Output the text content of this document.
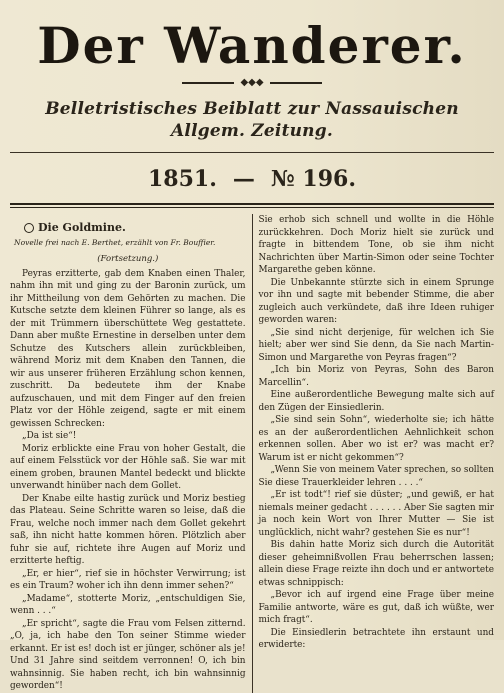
Der Wanderer.
◆◆◆
Belletristisches Beiblatt zur Nassauischen Allgem. Zeitung.
1851. — № 196.
Die Goldmine.
Novelle frei nach E. Berthet, erzählt von Fr. Bouffier.
(Fortsetzung.)

Peyras erzitterte, gab dem Knaben einen Thaler, nahm ihn mit und ging zu der Baronin zurück, um ihr Mittheilung von dem Gehörten zu machen. Die Kutsche setzte dem kleinen Führer so lange, als es der mit Trümmern überschüttete Weg gestattete. Dann aber mußte Ernestine in derselben unter dem Schutze des Kutschers allein zurückbleiben, während Moriz mit dem Knaben den Tannen, die wir aus unserer früheren Erzählung schon kennen, zuschritt. Da bedeutete ihm der Knabe aufzuschauen, und mit dem Finger auf den freien Platz vor der Höhle zeigend, sagte er mit einem gewissen Schrecken:

„Da ist sie“!

Moriz erblickte eine Frau von hoher Gestalt, die auf einem Felsstück vor der Höhle saß. Sie war mit einem groben, braunen Mantel bedeckt und blickte unverwandt hinüber nach dem Gollet.

Der Knabe eilte hastig zurück und Moriz bestieg das Plateau. Seine Schritte waren so leise, daß die Frau, welche noch immer nach dem Gollet gekehrt saß, ihn nicht hatte kommen hören. Plötzlich aber fuhr sie auf, richtete ihre Augen auf Moriz und erzitterte heftig.

„Er, er hier“, rief sie in höchster Verwirrung; ist es ein Traum? woher ich ihn denn immer sehen?“

„Madame“, stotterte Moriz, „entschuldigen Sie, wenn . . .“

„Er spricht“, sagte die Frau vom Felsen zitternd. „O, ja, ich habe den Ton seiner Stimme wieder erkannt. Er ist es! doch ist er jünger, schöner als je! Und 31 Jahre sind seitdem verronnen! O, ich bin wahnsinnig. Sie haben recht, ich bin wahnsinnig geworden“!

Sie erhob sich schnell und wollte in die Höhle zurückkehren. Doch Moriz hielt sie zurück und fragte in bittendem Tone, ob sie ihm nicht Nachrichten über Martin-Simon oder seine Tochter Margarethe geben könne.

Die Unbekannte stürzte sich in einem Sprunge vor ihn und sagte mit bebender Stimme, die aber zugleich auch verkündete, daß ihre Ideen ruhiger geworden waren:

„Sie sind nicht derjenige, für welchen ich Sie hielt; aber wer sind Sie denn, da Sie nach Martin-Simon und Margarethe von Peyras fragen“?

„Ich bin Moriz von Peyras, Sohn des Baron Marcellin“.

Eine außerordentliche Bewegung malte sich auf den Zügen der Einsiedlerin.

„Sie sind sein Sohn“, wiederholte sie; ich hätte es an der außerordentlichen Aehnlichkeit schon erkennen sollen. Aber wo ist er? was macht er? Warum ist er nicht gekommen“?

„Wenn Sie von meinem Vater sprechen, so sollten Sie diese Trauerkleider lehren . . . .“

„Er ist todt“! rief sie düster; „und gewiß, er hat niemals meiner gedacht . . . . . . Aber Sie sagten mir ja noch kein Wort von Ihrer Mutter — Sie ist unglücklich, nicht wahr? gestehen Sie es nur“!

Bis dahin hatte Moriz sich durch die Autorität dieser geheimnißvollen Frau beherrschen lassen; allein diese Frage reizte ihn doch und er antwortete etwas schnippisch:

„Bevor ich auf irgend eine Frage über meine Familie antworte, wäre es gut, daß ich wüßte, wer mich fragt“.

Die Einsiedlerin betrachtete ihn erstaunt und erwiderte:
